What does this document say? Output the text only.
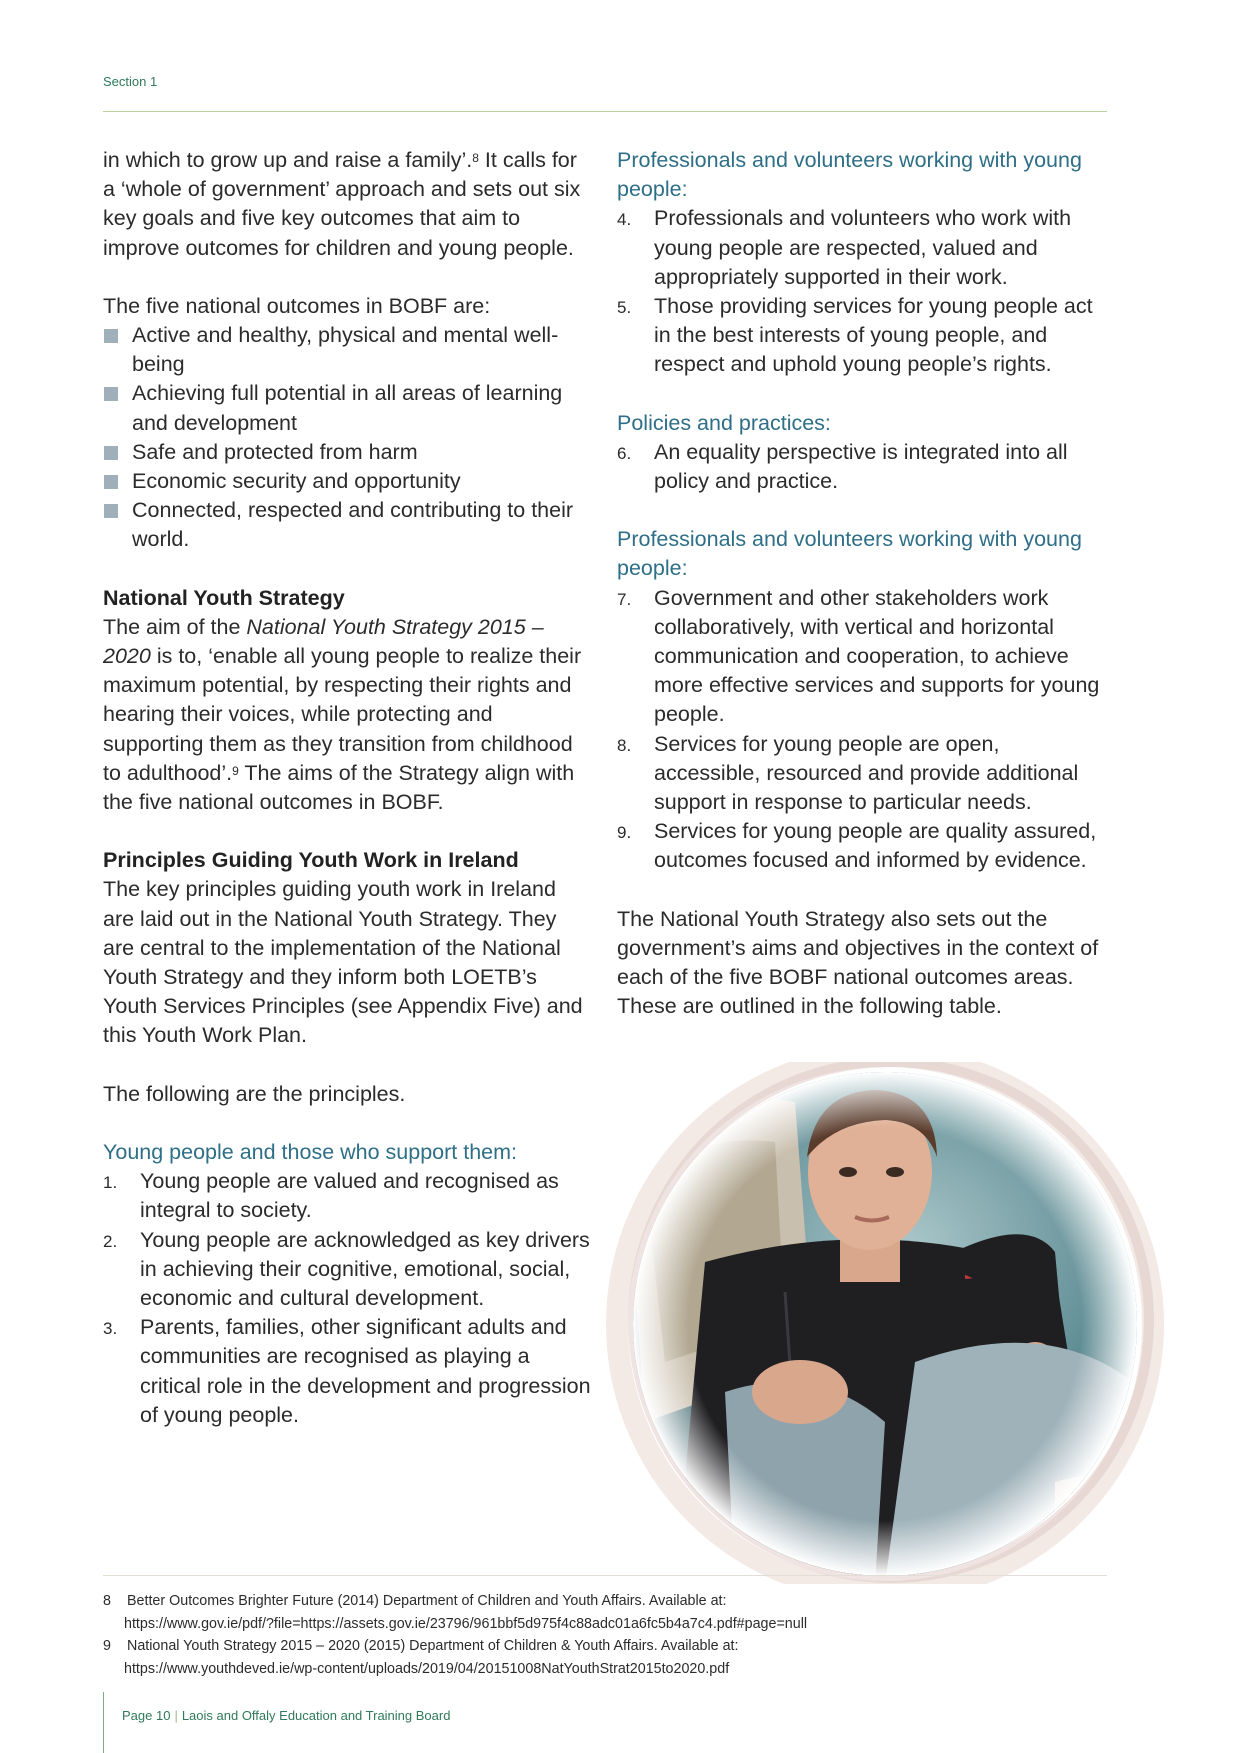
Section 1

in which to grow up and raise a family’.$^8$ It calls for a ‘whole of government’ approach and sets out six key goals and five key outcomes that aim to improve outcomes for children and young people.

The five national outcomes in BOBF are:

Active and healthy, physical and mental well-being
Achieving full potential in all areas of learning and development
Safe and protected from harm
Economic security and opportunity
Connected, respected and contributing to their world.
National Youth Strategy

The aim of the National Youth Strategy 2015 – 2020 is to, ‘enable all young people to realize their maximum potential, by respecting their rights and hearing their voices, while protecting and supporting them as they transition from childhood to adulthood’.$^9$ The aims of the Strategy align with the five national outcomes in BOBF.

Principles Guiding Youth Work in Ireland

The key principles guiding youth work in Ireland are laid out in the National Youth Strategy. They are central to the implementation of the National Youth Strategy and they inform both LOETB’s Youth Services Principles (see Appendix Five) and this Youth Work Plan.

The following are the principles.

Young people and those who support them:

1. Young people are valued and recognised as integral to society.
2. Young people are acknowledged as key drivers in achieving their cognitive, emotional, social, economic and cultural development.
3. Parents, families, other significant adults and communities are recognised as playing a critical role in the development and progression of young people.

Professionals and volunteers working with young people:

4. Professionals and volunteers who work with young people are respected, valued and appropriately supported in their work.
5. Those providing services for young people act in the best interests of young people, and respect and uphold young people’s rights.

Policies and practices:

6. An equality perspective is integrated into all policy and practice.

Professionals and volunteers working with young people:

7. Government and other stakeholders work collaboratively, with vertical and horizontal communication and cooperation, to achieve more effective services and supports for young people.
8. Services for young people are open, accessible, resourced and provide additional support in response to particular needs.
9. Services for young people are quality assured, outcomes focused and informed by evidence.

The National Youth Strategy also sets out the government’s aims and objectives in the context of each of the five BOBF national outcomes areas. These are outlined in the following table.

8 Better Outcomes Brighter Future (2014) Department of Children and Youth Affairs. Available at:
https://www.gov.ie/pdf/?file=https://assets.gov.ie/23796/961bbf5d975f4c88adc01a6fc5b4a7c4.pdf#page=null
9 National Youth Strategy 2015 – 2020 (2015) Department of Children & Youth Affairs. Available at:
https://www.youthdeved.ie/wp-content/uploads/2019/04/20151008NatYouthStrat2015to2020.pdf
Page 10 | Laois and Offaly Education and Training Board
